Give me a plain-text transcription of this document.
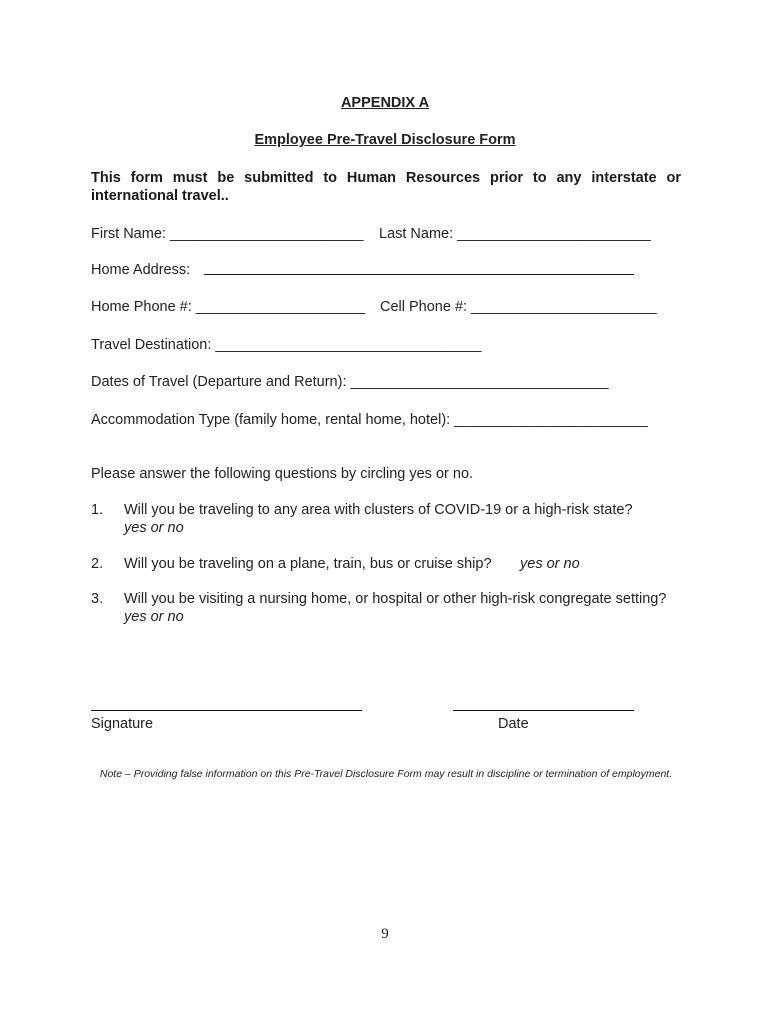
APPENDIX A
Employee Pre-Travel Disclosure Form
This form must be submitted to Human Resources prior to any interstate or international travel..
First Name: ________________________ Last Name: ________________________
Home Address:
Home Phone #: _____________________ Cell Phone #: _______________________
Travel Destination: _________________________________
Dates of Travel (Departure and Return): ________________________________
Accommodation Type (family home, rental home, hotel): ________________________
Please answer the following questions by circling yes or no.
1. Will you be traveling to any area with clusters of COVID-19 or a high-risk state?
yes or no
2. Will you be traveling on a plane, train, bus or cruise ship? yes or no
3. Will you be visiting a nursing home, or hospital or other high-risk congregate setting?
yes or no
Signature	Date
Note – Providing false information on this Pre-Travel Disclosure Form may result in discipline or termination of employment.
9
